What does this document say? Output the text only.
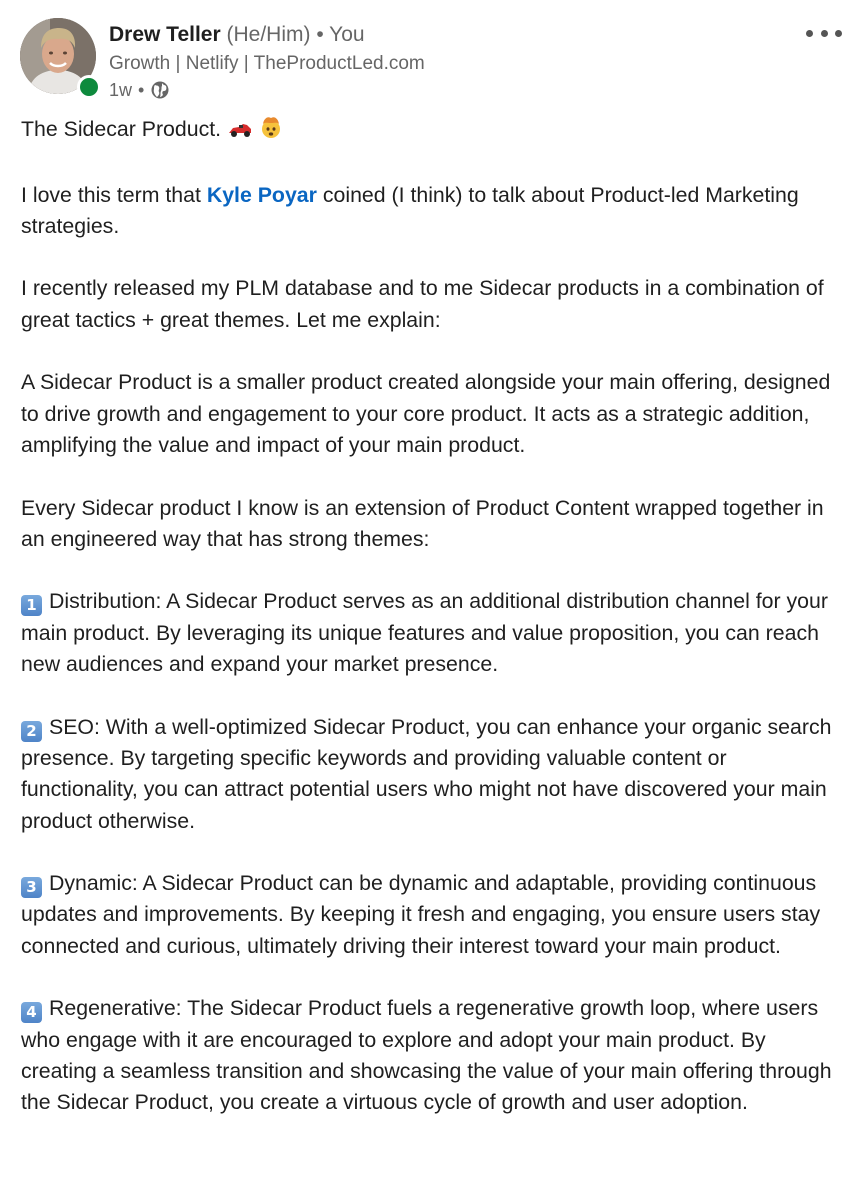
Drew Teller (He/Him) • You
Growth | Netlify | TheProductLed.com
1w •

The Sidecar Product.

I love this term that Kyle Poyar coined (I think) to talk about Product-led Marketing strategies.

I recently released my PLM database and to me Sidecar products in a combination of great tactics + great themes. Let me explain:

A Sidecar Product is a smaller product created alongside your main offering, designed to drive growth and engagement to your core product. It acts as a strategic addition, amplifying the value and impact of your main product.

Every Sidecar product I know is an extension of Product Content wrapped together in an engineered way that has strong themes:

1 Distribution: A Sidecar Product serves as an additional distribution channel for your main product. By leveraging its unique features and value proposition, you can reach new audiences and expand your market presence.

2 SEO: With a well-optimized Sidecar Product, you can enhance your organic search presence. By targeting specific keywords and providing valuable content or functionality, you can attract potential users who might not have discovered your main product otherwise.

3 Dynamic: A Sidecar Product can be dynamic and adaptable, providing continuous updates and improvements. By keeping it fresh and engaging, you ensure users stay connected and curious, ultimately driving their interest toward your main product.

4 Regenerative: The Sidecar Product fuels a regenerative growth loop, where users who engage with it are encouraged to explore and adopt your main product. By creating a seamless transition and showcasing the value of your main offering through the Sidecar Product, you create a virtuous cycle of growth and user adoption.
